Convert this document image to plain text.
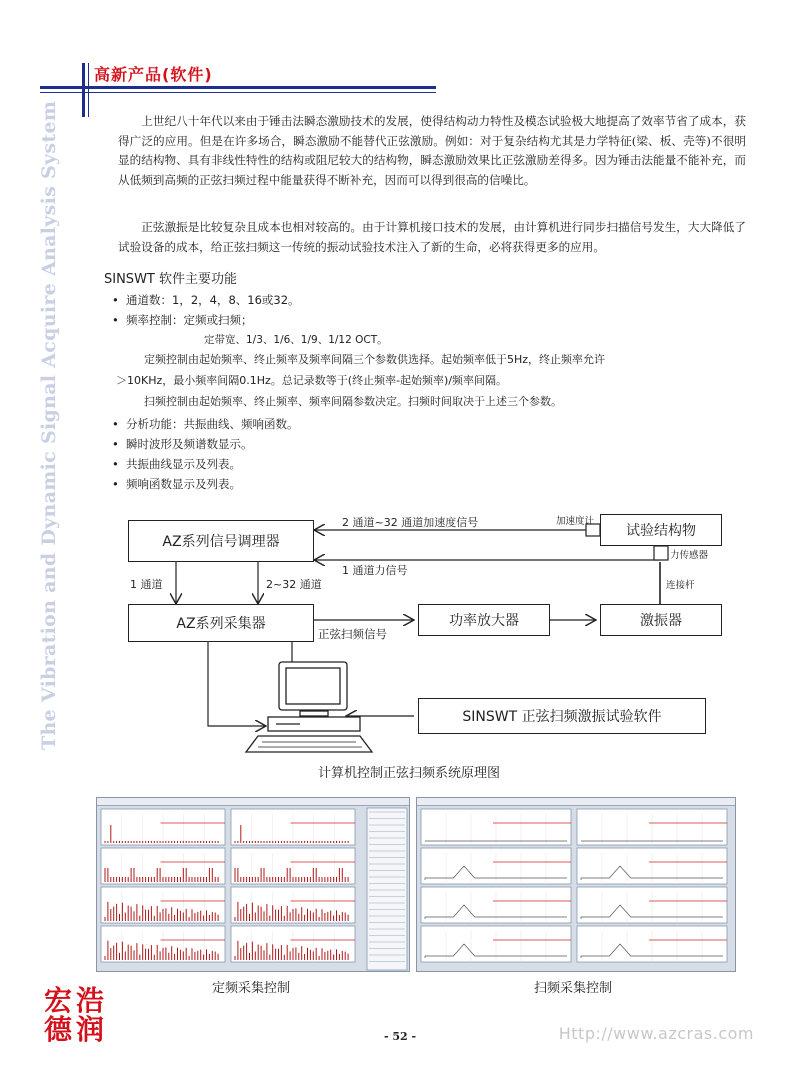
The Vibration and Dynamic Signal Acquire Analysis System
高新产品(软件)

上世纪八十年代以来由于锤击法瞬态激励技术的发展，使得结构动力特性及模态试验极大地提高了效率节省了成本，获得广泛的应用。但是在许多场合，瞬态激励不能替代正弦激励。例如：对于复杂结构尤其是力学特征(梁、板、壳等)不很明显的结构物、具有非线性特性的结构或阻尼较大的结构物，瞬态激励效果比正弦激励差得多。因为锤击法能量不能补充，而从低频到高频的正弦扫频过程中能量获得不断补充，因而可以得到很高的信噪比。

正弦激振是比较复杂且成本也相对较高的。由于计算机接口技术的发展，由计算机进行同步扫描信号发生，大大降低了试验设备的成本，给正弦扫频这一传统的振动试验技术注入了新的生命，必将获得更多的应用。

SINSWT 软件主要功能
• 通道数：1，2，4，8、16或32。
• 频率控制：定频或扫频；
定带宽、1/3、1/6、1/9、1/12 OCT。
定频控制由起始频率、终止频率及频率间隔三个参数供选择。起始频率低于5Hz，终止频率允许
＞10KHz，最小频率间隔0.1Hz。总记录数等于(终止频率-起始频率)/频率间隔。
扫频控制由起始频率、终止频率、频率间隔参数决定。扫频时间取决于上述三个参数。
• 分析功能：共振曲线、频响函数。
• 瞬时波形及频谱数显示。
• 共振曲线显示及列表。
• 频响函数显示及列表。
AZ系列信号调理器
AZ系列采集器	功率放大器	激振器
试验结构物
SINSWT 正弦扫频激振试验软件
2 通道~32 通道加速度信号	加速度计
1 通道力信号
力传感器
1 通道	2~32 通道
正弦扫频信号
连接杆
计算机控制正弦扫频系统原理图
定频采集控制	扫频采集控制
宏 浩
德 润	- 52 -	Http://www.azcras.com
